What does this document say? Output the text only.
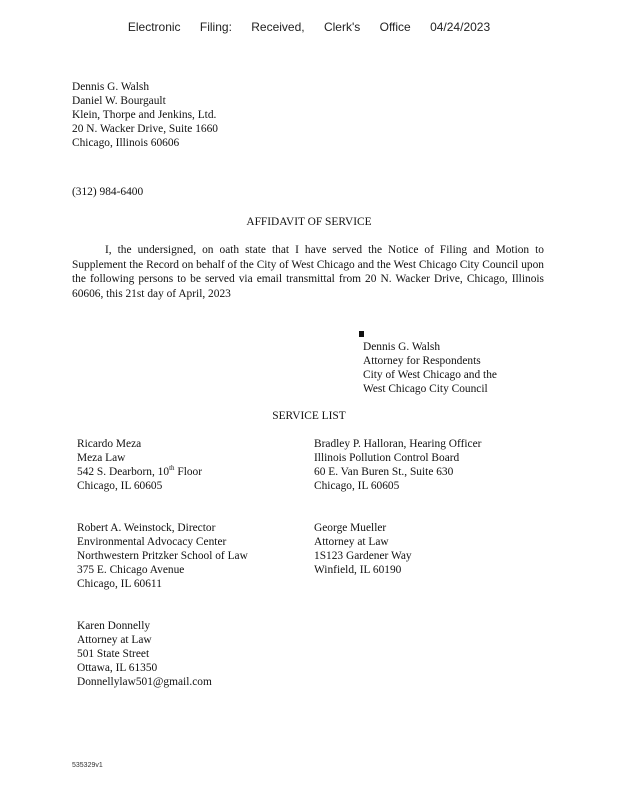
Electronic Filing: Received, Clerk's Office 04/24/2023
Dennis G. Walsh
Daniel W. Bourgault
Klein, Thorpe and Jenkins, Ltd.
20 N. Wacker Drive, Suite 1660
Chicago, Illinois 60606
(312) 984-6400
AFFIDAVIT OF SERVICE
I, the undersigned, on oath state that I have served the Notice of Filing and Motion to Supplement the Record on behalf of the City of West Chicago and the West Chicago City Council upon the following persons to be served via email transmittal from 20 N. Wacker Drive, Chicago, Illinois 60606, this 21st day of April, 2023
Dennis G. Walsh
Attorney for Respondents
City of West Chicago and the
West Chicago City Council
SERVICE LIST
Ricardo Meza
Meza Law
542 S. Dearborn, 10th Floor
Chicago, IL 60605
Bradley P. Halloran, Hearing Officer
Illinois Pollution Control Board
60 E. Van Buren St., Suite 630
Chicago, IL 60605
Robert A. Weinstock, Director
Environmental Advocacy Center
Northwestern Pritzker School of Law
375 E. Chicago Avenue
Chicago, IL 60611
George Mueller
Attorney at Law
1S123 Gardener Way
Winfield, IL 60190
Karen Donnelly
Attorney at Law
501 State Street
Ottawa, IL 61350
Donnellylaw501@gmail.com
535329v1
